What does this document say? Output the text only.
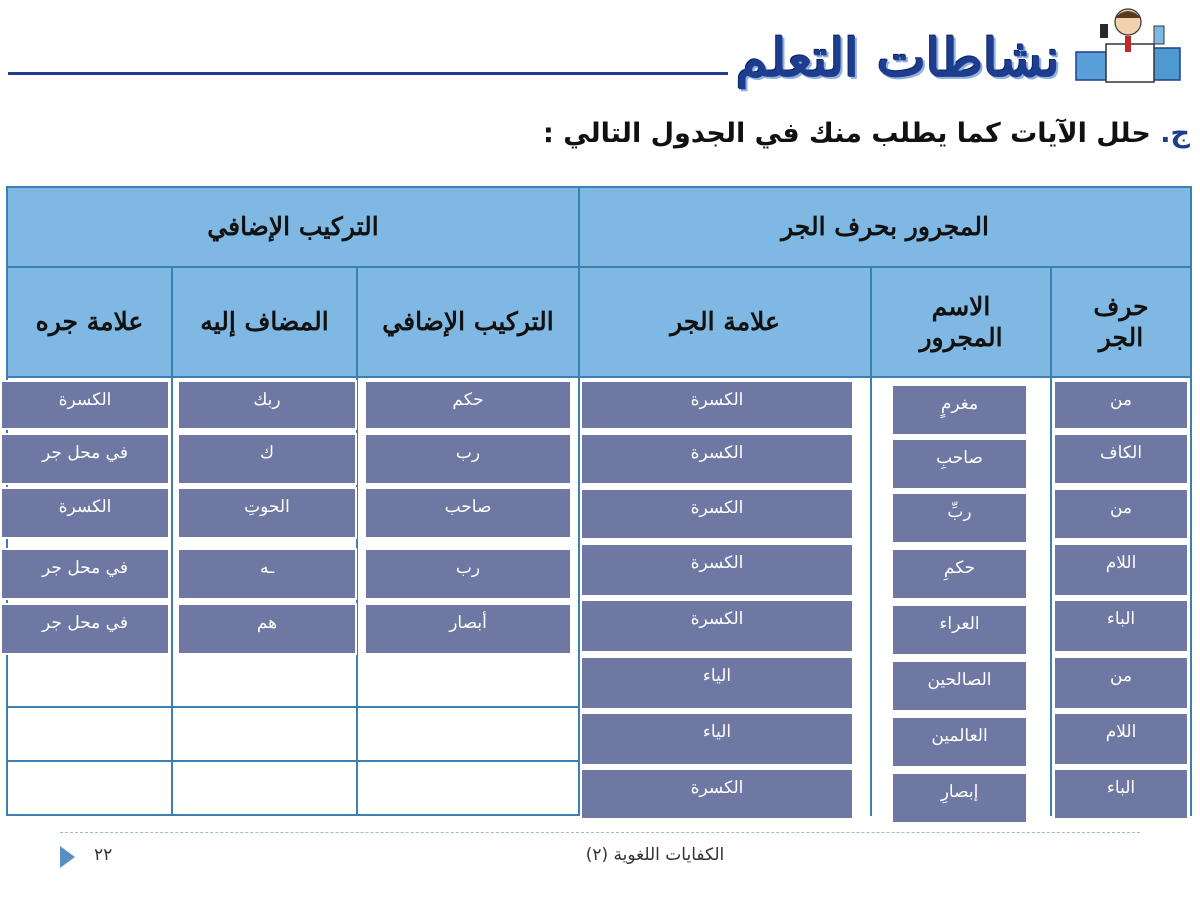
نشاطات التعلم
ج. حلل الآيات كما يطلب منك في الجدول التالي :
المجرور بحرف الجر
التركيب الإضافي
حرف الجر
الاسم المجرور
علامة الجر
التركيب الإضافي
المضاف إليه
علامة جره
من
مغرمٍ
الكسرة
الكاف
صاحبِ
الكسرة
من
ربِّ
الكسرة
اللام
حكمِ
الكسرة
الباء
العراء
الكسرة
من
الصالحين
الياء
اللام
العالمين
الياء
الباء
إبصارِ
الكسرة
حكم
ربك
الكسرة
رب
ك
في محل جر
صاحب
الحوتِ
الكسرة
رب
ـه
في محل جر
أبصار
هم
في محل جر
٢٢	الكفايات اللغوية (٢)
